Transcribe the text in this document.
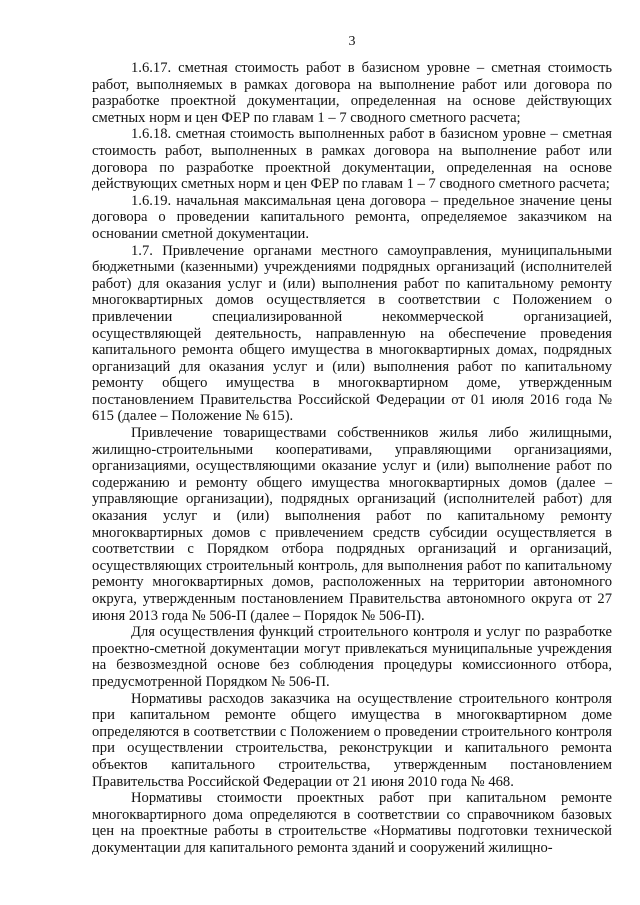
3

1.6.17. сметная стоимость работ в базисном уровне – сметная стоимость работ, выполняемых в рамках договора на выполнение работ или договора по разработке проектной документации, определенная на основе действующих сметных норм и цен ФЕР по главам 1 – 7 сводного сметного расчета;

1.6.18. сметная стоимость выполненных работ в базисном уровне – сметная стоимость работ, выполненных в рамках договора на выполнение работ или договора по разработке проектной документации, определенная на основе действующих сметных норм и цен ФЕР по главам 1 – 7 сводного сметного расчета;

1.6.19. начальная максимальная цена договора – предельное значение цены договора о проведении капитального ремонта, определяемое заказчиком на основании сметной документации.

1.7. Привлечение органами местного самоуправления, муниципальными бюджетными (казенными) учреждениями подрядных организаций (исполнителей работ) для оказания услуг и (или) выполнения работ по капитальному ремонту многоквартирных домов осуществляется в соответствии с Положением о привлечении специализированной некоммерческой организацией, осуществляющей деятельность, направленную на обеспечение проведения капитального ремонта общего имущества в многоквартирных домах, подрядных организаций для оказания услуг и (или) выполнения работ по капитальному ремонту общего имущества в многоквартирном доме, утвержденным постановлением Правительства Российской Федерации от 01 июля 2016 года № 615 (далее – Положение № 615).

Привлечение товариществами собственников жилья либо жилищными, жилищно-строительными кооперативами, управляющими организациями, организациями, осуществляющими оказание услуг и (или) выполнение работ по содержанию и ремонту общего имущества многоквартирных домов (далее – управляющие организации), подрядных организаций (исполнителей работ) для оказания услуг и (или) выполнения работ по капитальному ремонту многоквартирных домов с привлечением средств субсидии осуществляется в соответствии с Порядком отбора подрядных организаций и организаций, осуществляющих строительный контроль, для выполнения работ по капитальному ремонту многоквартирных домов, расположенных на территории автономного округа, утвержденным постановлением Правительства автономного округа от 27 июня 2013 года № 506-П (далее – Порядок № 506-П).

Для осуществления функций строительного контроля и услуг по разработке проектно-сметной документации могут привлекаться муниципальные учреждения на безвозмездной основе без соблюдения процедуры комиссионного отбора, предусмотренной Порядком № 506-П.

Нормативы расходов заказчика на осуществление строительного контроля при капитальном ремонте общего имущества в многоквартирном доме определяются в соответствии с Положением о проведении строительного контроля при осуществлении строительства, реконструкции и капитального ремонта объектов капитального строительства, утвержденным постановлением Правительства Российской Федерации от 21 июня 2010 года № 468.

Нормативы стоимости проектных работ при капитальном ремонте многоквартирного дома определяются в соответствии со справочником базовых цен на проектные работы в строительстве «Нормативы подготовки технической документации для капитального ремонта зданий и сооружений жилищно-
